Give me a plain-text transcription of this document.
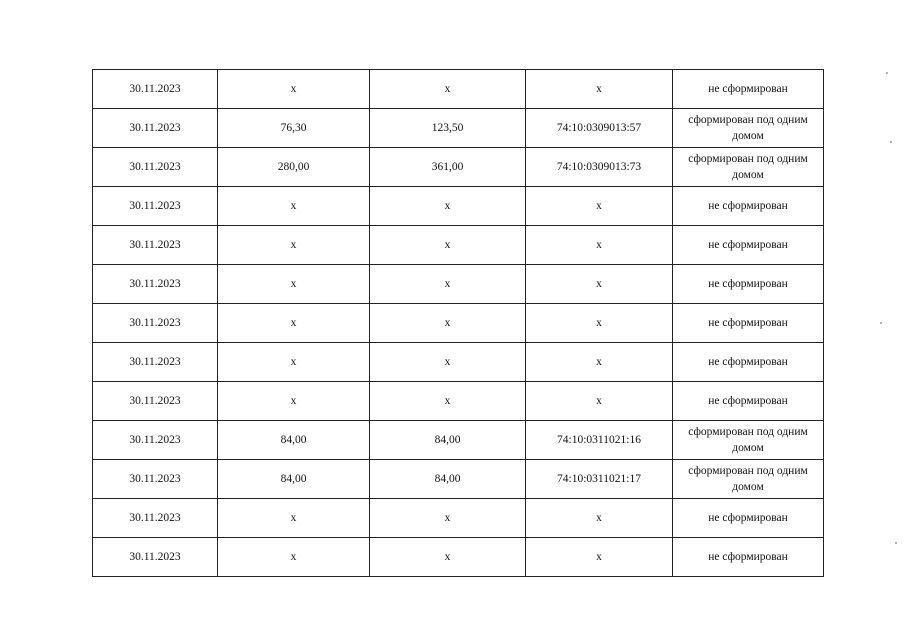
30.11.2023	x	x	x	не сформирован
30.11.2023	76,30	123,50	74:10:0309013:57	сформирован под одним домом
30.11.2023	280,00	361,00	74:10:0309013:73	сформирован под одним домом
30.11.2023	x	x	x	не сформирован
30.11.2023	x	x	x	не сформирован
30.11.2023	x	x	x	не сформирован
30.11.2023	x	x	x	не сформирован
30.11.2023	x	x	x	не сформирован
30.11.2023	x	x	x	не сформирован
30.11.2023	84,00	84,00	74:10:0311021:16	сформирован под одним домом
30.11.2023	84,00	84,00	74:10:0311021:17	сформирован под одним домом
30.11.2023	x	x	x	не сформирован
30.11.2023	x	x	x	не сформирован
